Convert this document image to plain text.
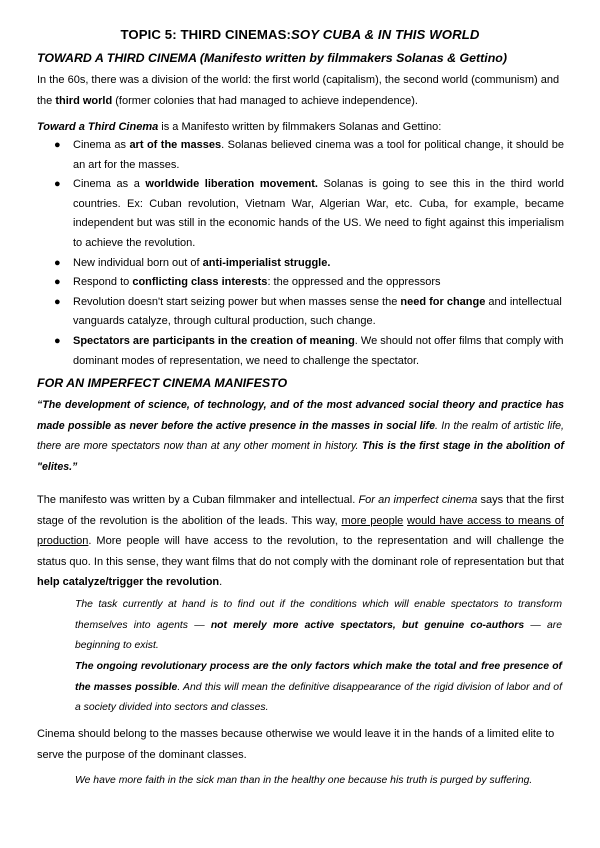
TOPIC 5: THIRD CINEMAS:SOY CUBA & IN THIS WORLD
TOWARD A THIRD CINEMA (Manifesto written by filmmakers Solanas & Gettino)
In the 60s, there was a division of the world: the first world (capitalism), the second world (communism) and the third world (former colonies that had managed to achieve independence).
Toward a Third Cinema is a Manifesto written by filmmakers Solanas and Gettino:
● Cinema as art of the masses. Solanas believed cinema was a tool for political change, it should be an art for the masses.
● Cinema as a worldwide liberation movement. Solanas is going to see this in the third world countries. Ex: Cuban revolution, Vietnam War, Algerian War, etc. Cuba, for example, became independent but was still in the economic hands of the US. We need to fight against this imperialism to achieve the revolution.
● New individual born out of anti-imperialist struggle.
● Respond to conflicting class interests: the oppressed and the oppressors
● Revolution doesn't start seizing power but when masses sense the need for change and intellectual vanguards catalyze, through cultural production, such change.
● Spectators are participants in the creation of meaning. We should not offer films that comply with dominant modes of representation, we need to challenge the spectator.
FOR AN IMPERFECT CINEMA MANIFESTO
“The development of science, of technology, and of the most advanced social theory and practice has made possible as never before the active presence in the masses in social life. In the realm of artistic life, there are more spectators now than at any other moment in history. This is the first stage in the abolition of "elites.”
The manifesto was written by a Cuban filmmaker and intellectual. For an imperfect cinema says that the first stage of the revolution is the abolition of the leads. This way, more people would have access to means of production. More people will have access to the revolution, to the representation and will challenge the status quo. In this sense, they want films that do not comply with the dominant role of representation but that help catalyze/trigger the revolution.
The task currently at hand is to find out if the conditions which will enable spectators to transform themselves into agents — not merely more active spectators, but genuine co-authors — are beginning to exist.
The ongoing revolutionary process are the only factors which make the total and free presence of the masses possible. And this will mean the definitive disappearance of the rigid division of labor and of a society divided into sectors and classes.
Cinema should belong to the masses because otherwise we would leave it in the hands of a limited elite to serve the purpose of the dominant classes.
We have more faith in the sick man than in the healthy one because his truth is purged by suffering.
